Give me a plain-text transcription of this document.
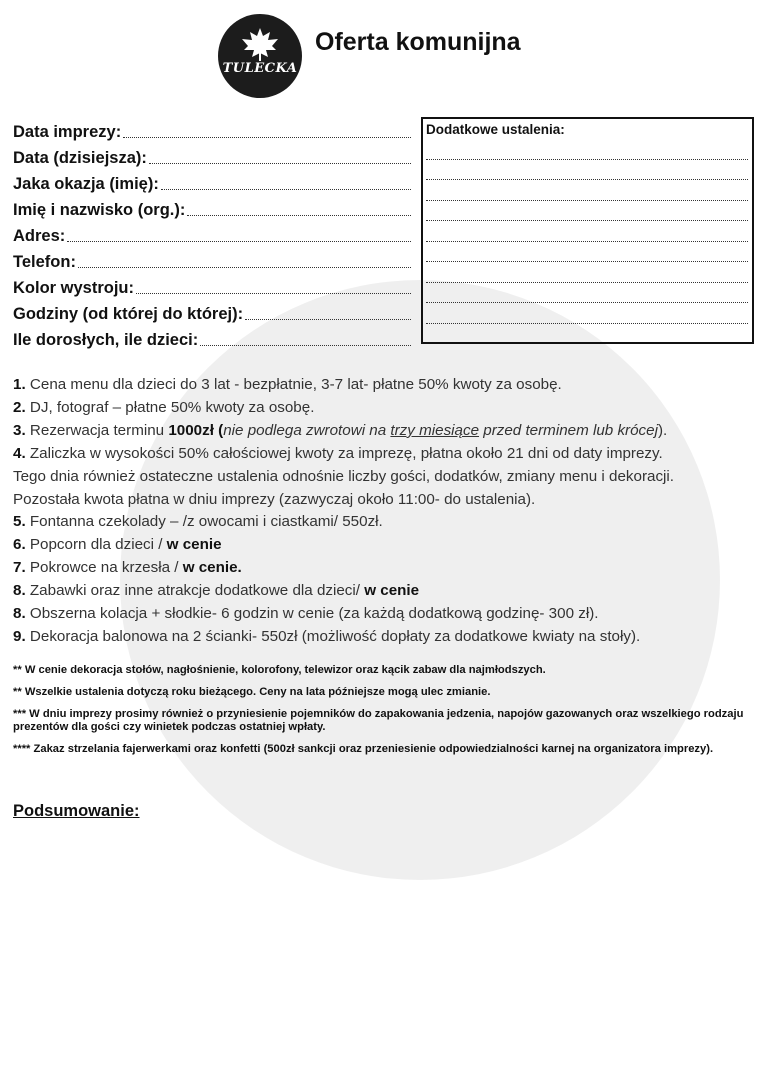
TULECKA
Oferta komunijna
Data imprezy:
Data (dzisiejsza):
Jaka okazja (imię):
Imię i nazwisko (org.):
Adres:
Telefon:
Kolor wystroju:
Godziny (od której do której):
Ile dorosłych, ile dzieci:
Dodatkowe ustalenia:

1. Cena menu dla dzieci do 3 lat - bezpłatnie, 3-7 lat- płatne 50% kwoty za osobę.

2. DJ, fotograf – płatne 50% kwoty za osobę.

3. Rezerwacja terminu 1000zł (nie podlega zwrotowi na trzy miesiące przed terminem lub krócej).

4. Zaliczka w wysokości 50% całościowej kwoty za imprezę, płatna około 21 dni od daty imprezy.

Tego dnia również ostateczne ustalenia odnośnie liczby gości, dodatków, zmiany menu i dekoracji.

Pozostała kwota płatna w dniu imprezy (zazwyczaj około 11:00- do ustalenia).

5. Fontanna czekolady – /z owocami i ciastkami/ 550zł.

6. Popcorn dla dzieci / w cenie

7. Pokrowce na krzesła / w cenie.

8. Zabawki oraz inne atrakcje dodatkowe dla dzieci/ w cenie

8. Obszerna kolacja + słodkie- 6 godzin w cenie (za każdą dodatkową godzinę- 300 zł).

9. Dekoracja balonowa na 2 ścianki- 550zł (możliwość dopłaty za dodatkowe kwiaty na stoły).

** W cenie dekoracja stołów, nagłośnienie, kolorofony, telewizor oraz kącik zabaw dla najmłodszych.
** Wszelkie ustalenia dotyczą roku bieżącego. Ceny na lata późniejsze mogą ulec zmianie.
*** W dniu imprezy prosimy również o przyniesienie pojemników do zapakowania jedzenia, napojów gazowanych oraz wszelkiego rodzaju prezentów dla gości czy winietek podczas ostatniej wpłaty.
**** Zakaz strzelania fajerwerkami oraz konfetti (500zł sankcji oraz przeniesienie odpowiedzialności karnej na organizatora imprezy).
Podsumowanie:
